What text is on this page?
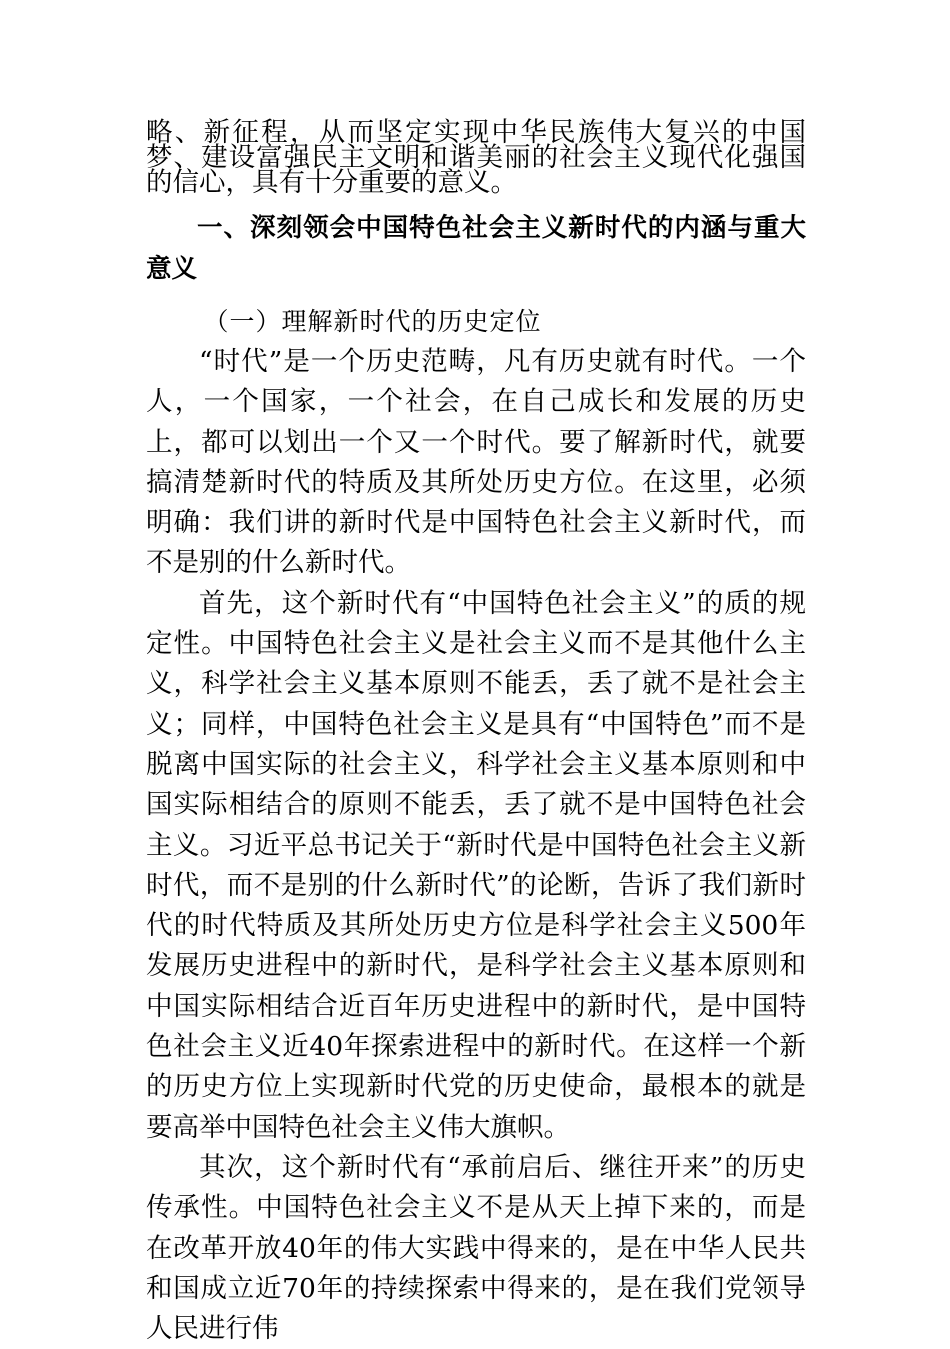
略、新征程，从而坚定实现中华民族伟大复兴的中国梦、建设富强民主文明和谐美丽的社会主义现代化强国的信心，具有十分重要的意义。

一、深刻领会中国特色社会主义新时代的内涵与重大意义

（一）理解新时代的历史定位

“时代”是一个历史范畴，凡有历史就有时代。一个人，一个国家，一个社会，在自己成长和发展的历史上，都可以划出一个又一个时代。要了解新时代，就要搞清楚新时代的特质及其所处历史方位。在这里，必须明确：我们讲的新时代是中国特色社会主义新时代，而不是别的什么新时代。

首先，这个新时代有“中国特色社会主义”的质的规定性。中国特色社会主义是社会主义而不是其他什么主义，科学社会主义基本原则不能丢，丢了就不是社会主义；同样，中国特色社会主义是具有“中国特色”而不是脱离中国实际的社会主义，科学社会主义基本原则和中国实际相结合的原则不能丢，丢了就不是中国特色社会主义。习近平总书记关于“新时代是中国特色社会主义新时代，而不是别的什么新时代”的论断，告诉了我们新时代的时代特质及其所处历史方位是科学社会主义500年发展历史进程中的新时代，是科学社会主义基本原则和中国实际相结合近百年历史进程中的新时代，是中国特色社会主义近40年探索进程中的新时代。在这样一个新的历史方位上实现新时代党的历史使命，最根本的就是要高举中国特色社会主义伟大旗帜。

其次，这个新时代有“承前启后、继往开来”的历史传承性。中国特色社会主义不是从天上掉下来的，而是在改革开放40年的伟大实践中得来的，是在中华人民共和国成立近70年的持续探索中得来的，是在我们党领导人民进行伟
